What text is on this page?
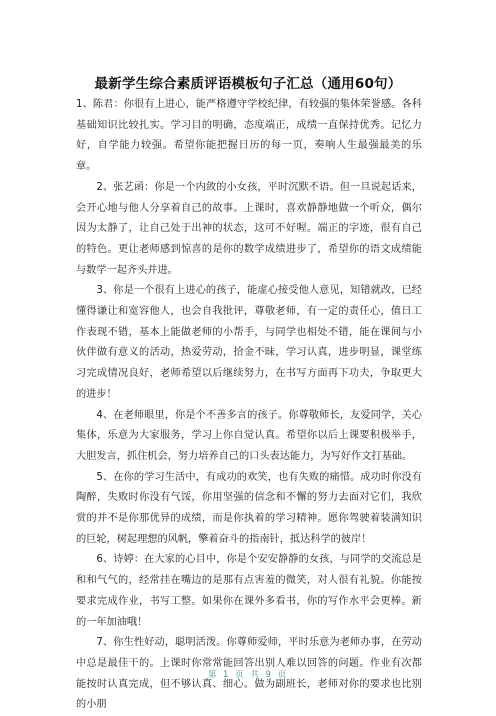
最新学生综合素质评语模板句子汇总（通用60句）

1、陈君：你很有上进心，能严格遵守学校纪律，有较强的集体荣誉感。各科基础知识比较扎实。学习目的明确，态度端正，成绩一直保持优秀。记忆力好，自学能力较强。希望你能把握日历的每一页，奏响人生最强最美的乐章。

2、张艺函：你是一个内敛的小女孩，平时沉默不语。但一旦说起话来，会开心地与他人分享着自己的故事。上课时，喜欢静静地做一个听众，偶尔因为太静了，让自己处于出神的状态，这可不好喔。端正的字迹，很有自己的特色。更让老师感到惊喜的是你的数学成绩进步了，希望你的语文成绩能与数学一起齐头并进。

3、你是一个很有上进心的孩子，能虚心接受他人意见，知错就改，已经懂得谦让和宽容他人，也会自我批评，尊敬老师，有一定的责任心，值日工作表现不错，基本上能做老师的小帮手，与同学也相处不错，能在课间与小伙伴做有意义的活动，热爱劳动，拾金不昧，学习认真，进步明显，课堂练习完成情况良好，老师希望以后继续努力，在书写方面再下功夫，争取更大的进步！

4、在老师眼里，你是个不善多言的孩子。你尊敬师长，友爱同学，关心集体，乐意为大家服务，学习上你自觉认真。希望你以后上课要积极举手，大胆发言，抓住机会，努力培养自己的口头表达能力，为写好作文打基础。

5、在你的学习生活中，有成功的欢笑，也有失败的痛惜。成功时你没有陶醉，失败时你没有气馁，你用坚强的信念和不懈的努力去面对它们，我欣赏的并不是你那优异的成绩，而是你执着的学习精神。愿你驾驶着装满知识的巨轮，树起理想的风帆，擎着奋斗的指南针，抵达科学的彼岸！

6、诗婷：在大家的心目中，你是个安安静静的女孩，与同学的交流总是和和气气的，经常挂在嘴边的是那有点害羞的微笑，对人很有礼貌。你能按要求完成作业，书写工整。如果你在课外多看书，你的写作水平会更棒。新的一年加油哦！

7、你生性好动，聪明活泼。你尊师爱师，平时乐意为老师办事，在劳动中总是最佳干的。上课时你常常能回答出别人难以回答的问题。作业有次都能按时认真完成，但不够认真、细心。做为副班长，老师对你的要求也比别的小朋

第 1 页 共 9 页
